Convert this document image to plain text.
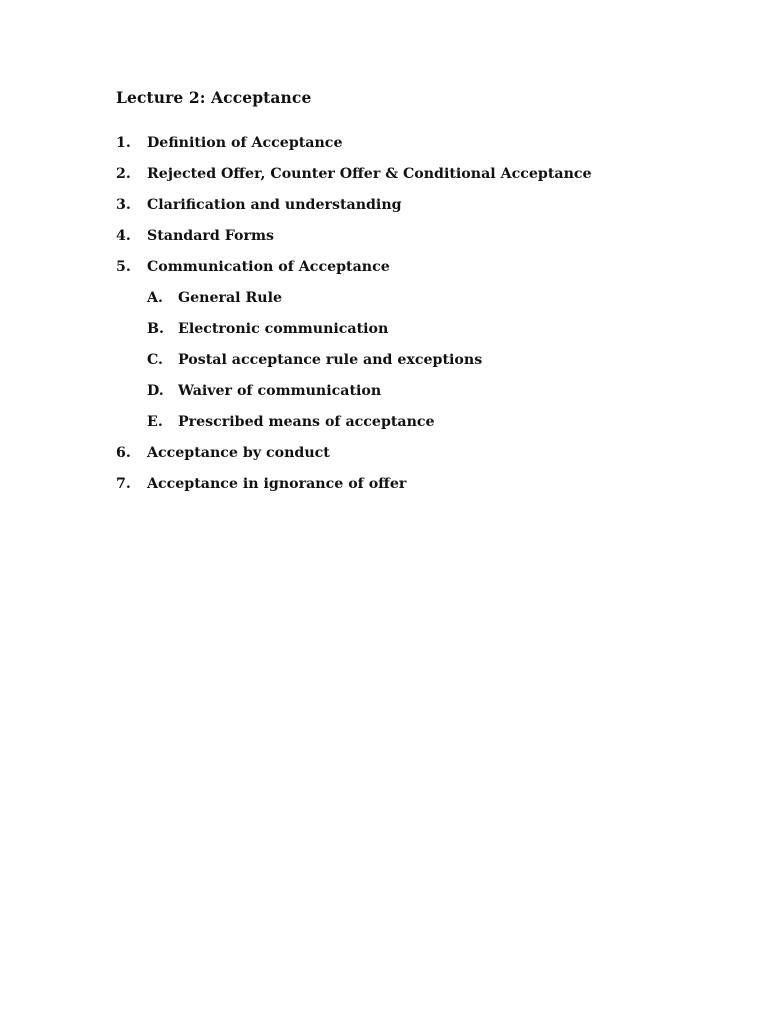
Lecture 2: Acceptance
1. Definition of Acceptance
2. Rejected Offer, Counter Offer & Conditional Acceptance
3. Clarification and understanding
4. Standard Forms
5. Communication of Acceptance
A. General Rule
B. Electronic communication
C. Postal acceptance rule and exceptions
D. Waiver of communication
E. Prescribed means of acceptance
6. Acceptance by conduct
7. Acceptance in ignorance of offer
